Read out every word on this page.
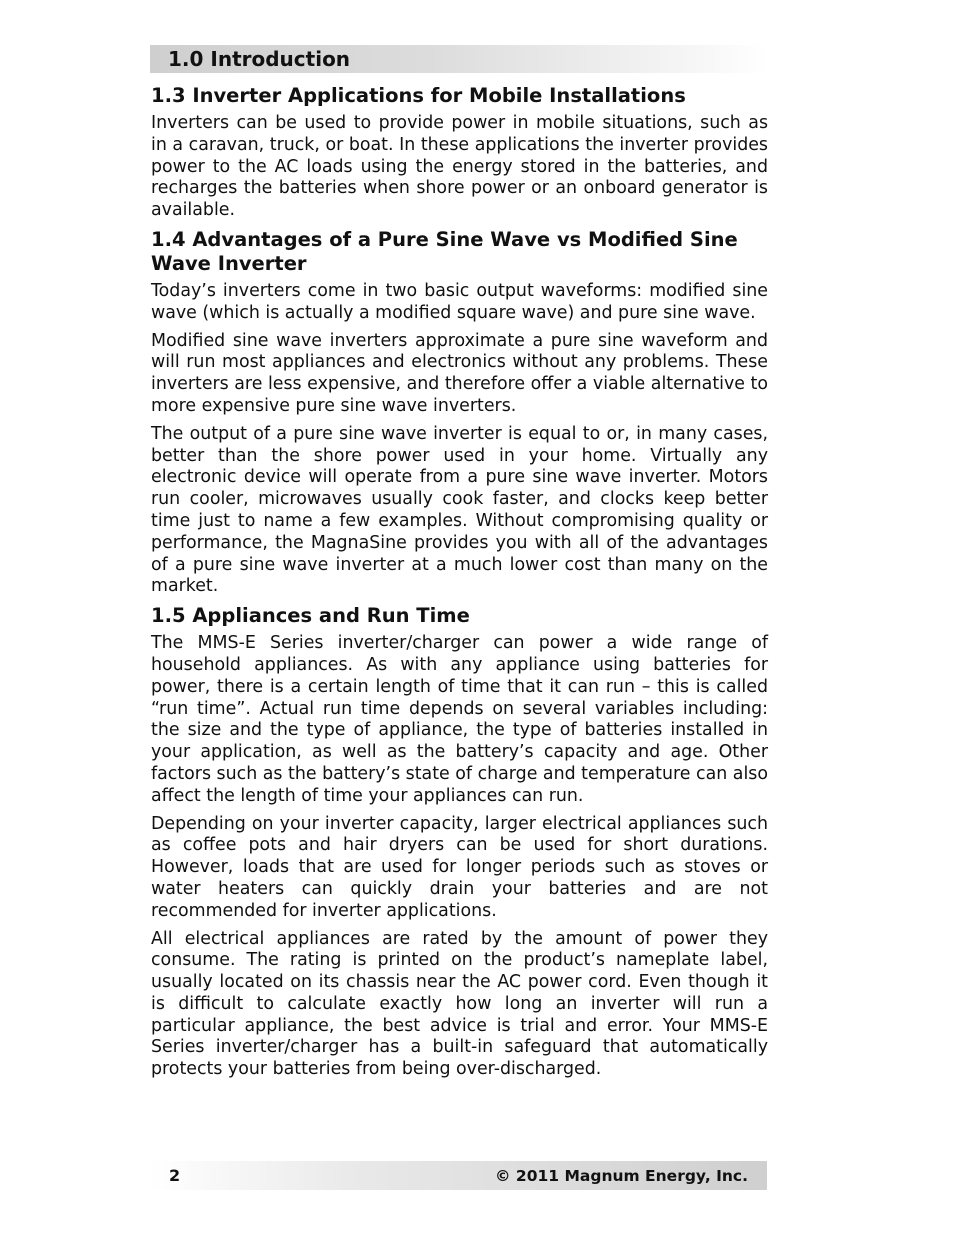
1.0 Introduction
1.3 Inverter Applications for Mobile Installations

Inverters can be used to provide power in mobile situations, such as in a caravan, truck, or boat. In these applications the inverter provides power to the AC loads using the energy stored in the batteries, and recharges the batteries when shore power or an onboard generator is available.

1.4 Advantages of a Pure Sine Wave vs Modified Sine Wave Inverter

Today’s inverters come in two basic output waveforms: modified sine wave (which is actually a modified square wave) and pure sine wave.

Modified sine wave inverters approximate a pure sine waveform and will run most appliances and electronics without any problems. These inverters are less expensive, and therefore offer a viable alternative to more expensive pure sine wave inverters.

The output of a pure sine wave inverter is equal to or, in many cases, better than the shore power used in your home. Virtually any electronic device will operate from a pure sine wave inverter. Motors run cooler, microwaves usually cook faster, and clocks keep better time just to name a few examples. Without compromising quality or performance, the MagnaSine provides you with all of the advantages of a pure sine wave inverter at a much lower cost than many on the market.

1.5 Appliances and Run Time

The MMS-E Series inverter/charger can power a wide range of household appliances. As with any appliance using batteries for power, there is a certain length of time that it can run – this is called “run time”. Actual run time depends on several variables including: the size and the type of appliance, the type of batteries installed in your application, as well as the battery’s capacity and age. Other factors such as the battery’s state of charge and temperature can also affect the length of time your appliances can run.

Depending on your inverter capacity, larger electrical appliances such as coffee pots and hair dryers can be used for short durations. However, loads that are used for longer periods such as stoves or water heaters can quickly drain your batteries and are not recommended for inverter applications.

All electrical appliances are rated by the amount of power they consume. The rating is printed on the product’s nameplate label, usually located on its chassis near the AC power cord. Even though it is difficult to calculate exactly how long an inverter will run a particular appliance, the best advice is trial and error. Your MMS-E Series inverter/charger has a built-in safeguard that automatically protects your batteries from being over-discharged.

2	© 2011 Magnum Energy, Inc.
